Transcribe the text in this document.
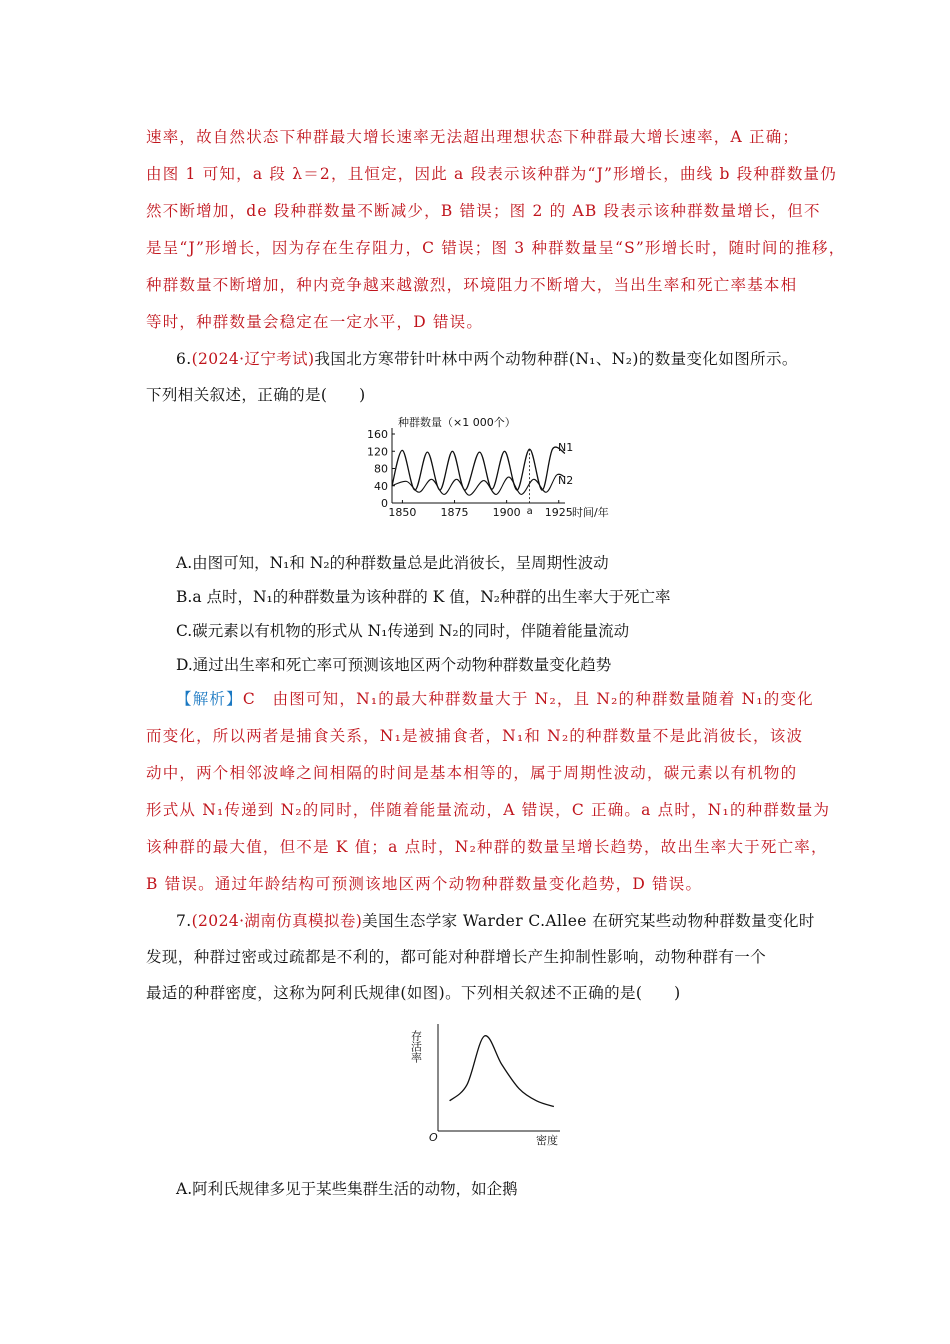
速率，故自然状态下种群最大增长速率无法超出理想状态下种群最大增长速率，A 正确；
由图 1 可知，a 段 λ＝2，且恒定，因此 a 段表示该种群为“J”形增长，曲线 b 段种群数量仍
然不断增加，de 段种群数量不断减少，B 错误；图 2 的 AB 段表示该种群数量增长，但不
是呈“J”形增长，因为存在生存阻力，C 错误；图 3 种群数量呈“S”形增长时，随时间的推移，
种群数量不断增加，种内竞争越来越激烈，环境阻力不断增大，当出生率和死亡率基本相
等时，种群数量会稳定在一定水平，D 错误。
6.(2024·辽宁考试)我国北方寒带针叶林中两个动物种群(N₁、N₂)的数量变化如图所示。
下列相关叙述，正确的是(　　)
种群数量（×1 000个）
0
40
80
120
160
1850 1875 1900 1925
a
N1
N2
时间/年
A.由图可知，N₁和 N₂的种群数量总是此消彼长，呈周期性波动
B.a 点时，N₁的种群数量为该种群的 K 值，N₂种群的出生率大于死亡率
C.碳元素以有机物的形式从 N₁传递到 N₂的同时，伴随着能量流动
D.通过出生率和死亡率可预测该地区两个动物种群数量变化趋势
【解析】C　由图可知，N₁的最大种群数量大于 N₂，且 N₂的种群数量随着 N₁的变化
而变化，所以两者是捕食关系，N₁是被捕食者，N₁和 N₂的种群数量不是此消彼长，该波
动中，两个相邻波峰之间相隔的时间是基本相等的，属于周期性波动，碳元素以有机物的
形式从 N₁传递到 N₂的同时，伴随着能量流动，A 错误，C 正确。a 点时，N₁的种群数量为
该种群的最大值，但不是 K 值；a 点时，N₂种群的数量呈增长趋势，故出生率大于死亡率，
B 错误。通过年龄结构可预测该地区两个动物种群数量变化趋势，D 错误。
7.(2024·湖南仿真模拟卷)美国生态学家 Warder C.Allee 在研究某些动物种群数量变化时
发现，种群过密或过疏都是不利的，都可能对种群增长产生抑制性影响，动物种群有一个
最适的种群密度，这称为阿利氏规律(如图)。下列相关叙述不正确的是(　　)
存活率
O	密度
A.阿利氏规律多见于某些集群生活的动物，如企鹅
